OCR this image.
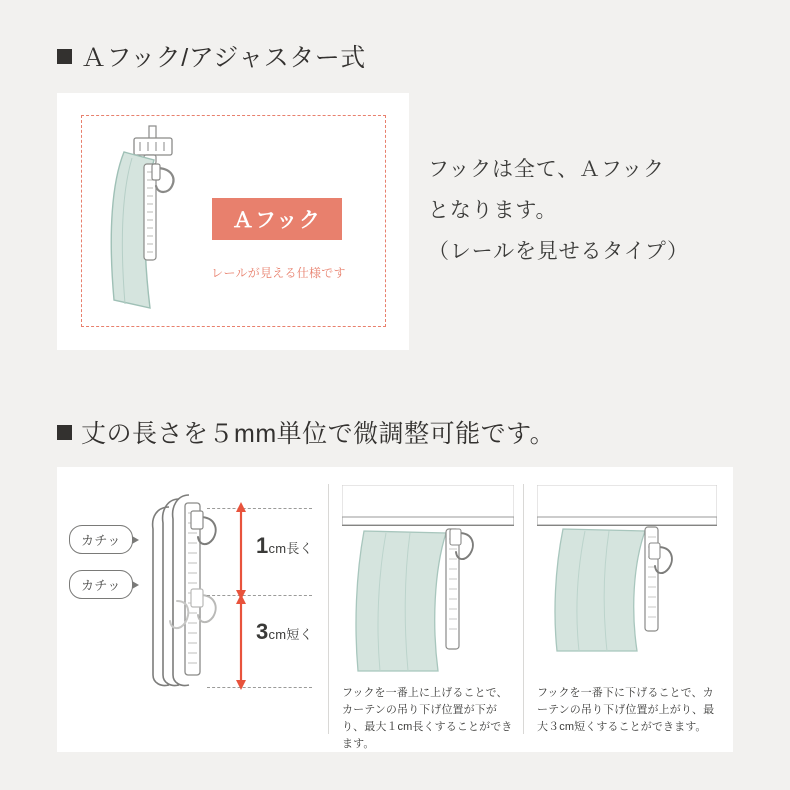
Ａフック/アジャスター式
Ａフック
レールが見える仕様です
フックは全て、Ａフック
となります。
（レールを見せるタイプ）
丈の長さを５mm単位で微調整可能です。
カチッ
カチッ
1cm長く
3cm短く
フックを一番上に上げることで、カーテンの吊り下げ位置が下がり、最大１cm長くすることができます。
フックを一番下に下げることで、カーテンの吊り下げ位置が上がり、最大３cm短くすることができます。
